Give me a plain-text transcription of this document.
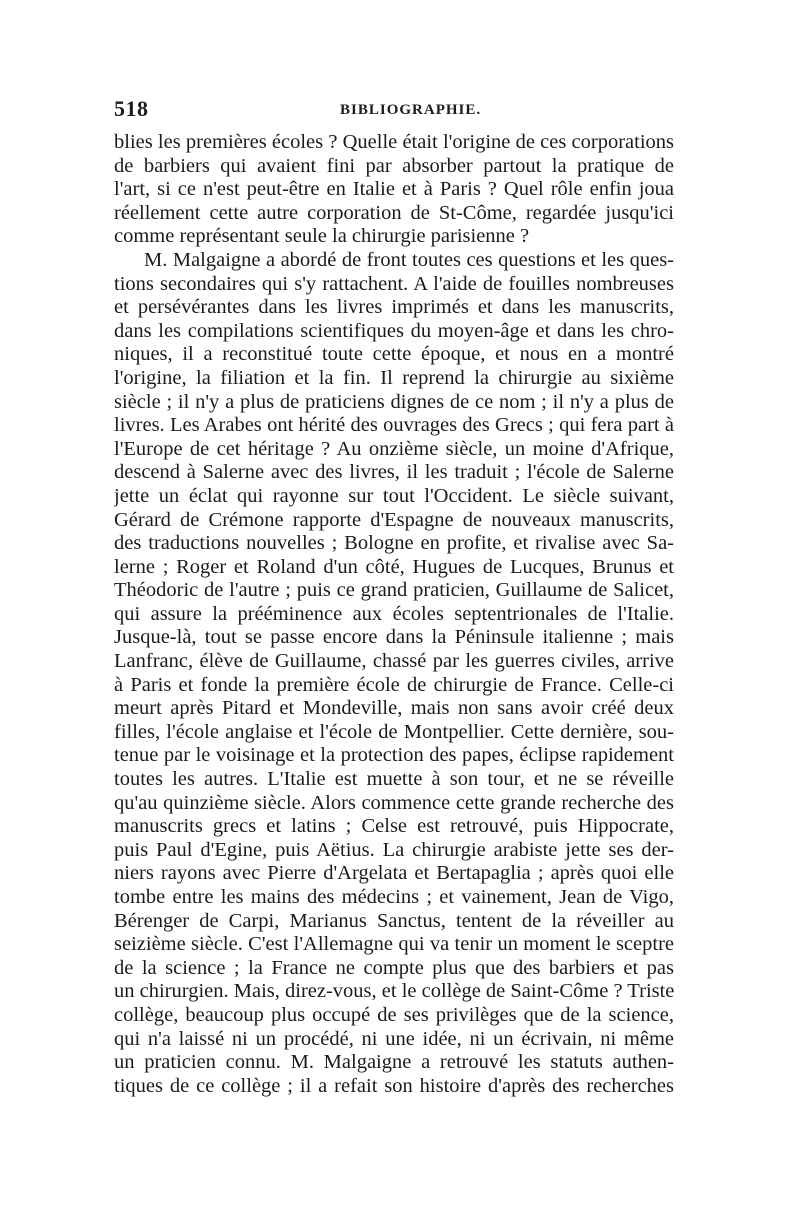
518	BIBLIOGRAPHIE.
blies les premières écoles ? Quelle était l'origine de ces corporations
de barbiers qui avaient fini par absorber partout la pratique de
l'art, si ce n'est peut-être en Italie et à Paris ? Quel rôle enfin joua
réellement cette autre corporation de St-Côme, regardée jusqu'ici
comme représentant seule la chirurgie parisienne ?
M. Malgaigne a abordé de front toutes ces questions et les ques-
tions secondaires qui s'y rattachent. A l'aide de fouilles nombreuses
et persévérantes dans les livres imprimés et dans les manuscrits,
dans les compilations scientifiques du moyen-âge et dans les chro-
niques, il a reconstitué toute cette époque, et nous en a montré
l'origine, la filiation et la fin. Il reprend la chirurgie au sixième
siècle ; il n'y a plus de praticiens dignes de ce nom ; il n'y a plus de
livres. Les Arabes ont hérité des ouvrages des Grecs ; qui fera part à
l'Europe de cet héritage ? Au onzième siècle, un moine d'Afrique,
descend à Salerne avec des livres, il les traduit ; l'école de Salerne
jette un éclat qui rayonne sur tout l'Occident. Le siècle suivant,
Gérard de Crémone rapporte d'Espagne de nouveaux manuscrits,
des traductions nouvelles ; Bologne en profite, et rivalise avec Sa-
lerne ; Roger et Roland d'un côté, Hugues de Lucques, Brunus et
Théodoric de l'autre ; puis ce grand praticien, Guillaume de Salicet,
qui assure la prééminence aux écoles septentrionales de l'Italie.
Jusque-là, tout se passe encore dans la Péninsule italienne ; mais
Lanfranc, élève de Guillaume, chassé par les guerres civiles, arrive
à Paris et fonde la première école de chirurgie de France. Celle-ci
meurt après Pitard et Mondeville, mais non sans avoir créé deux
filles, l'école anglaise et l'école de Montpellier. Cette dernière, sou-
tenue par le voisinage et la protection des papes, éclipse rapidement
toutes les autres. L'Italie est muette à son tour, et ne se réveille
qu'au quinzième siècle. Alors commence cette grande recherche des
manuscrits grecs et latins ; Celse est retrouvé, puis Hippocrate,
puis Paul d'Egine, puis Aëtius. La chirurgie arabiste jette ses der-
niers rayons avec Pierre d'Argelata et Bertapaglia ; après quoi elle
tombe entre les mains des médecins ; et vainement, Jean de Vigo,
Bérenger de Carpi, Marianus Sanctus, tentent de la réveiller au
seizième siècle. C'est l'Allemagne qui va tenir un moment le sceptre
de la science ; la France ne compte plus que des barbiers et pas
un chirurgien. Mais, direz-vous, et le collège de Saint-Côme ? Triste
collège, beaucoup plus occupé de ses privilèges que de la science,
qui n'a laissé ni un procédé, ni une idée, ni un écrivain, ni même
un praticien connu. M. Malgaigne a retrouvé les statuts authen-
tiques de ce collège ; il a refait son histoire d'après des recherches
